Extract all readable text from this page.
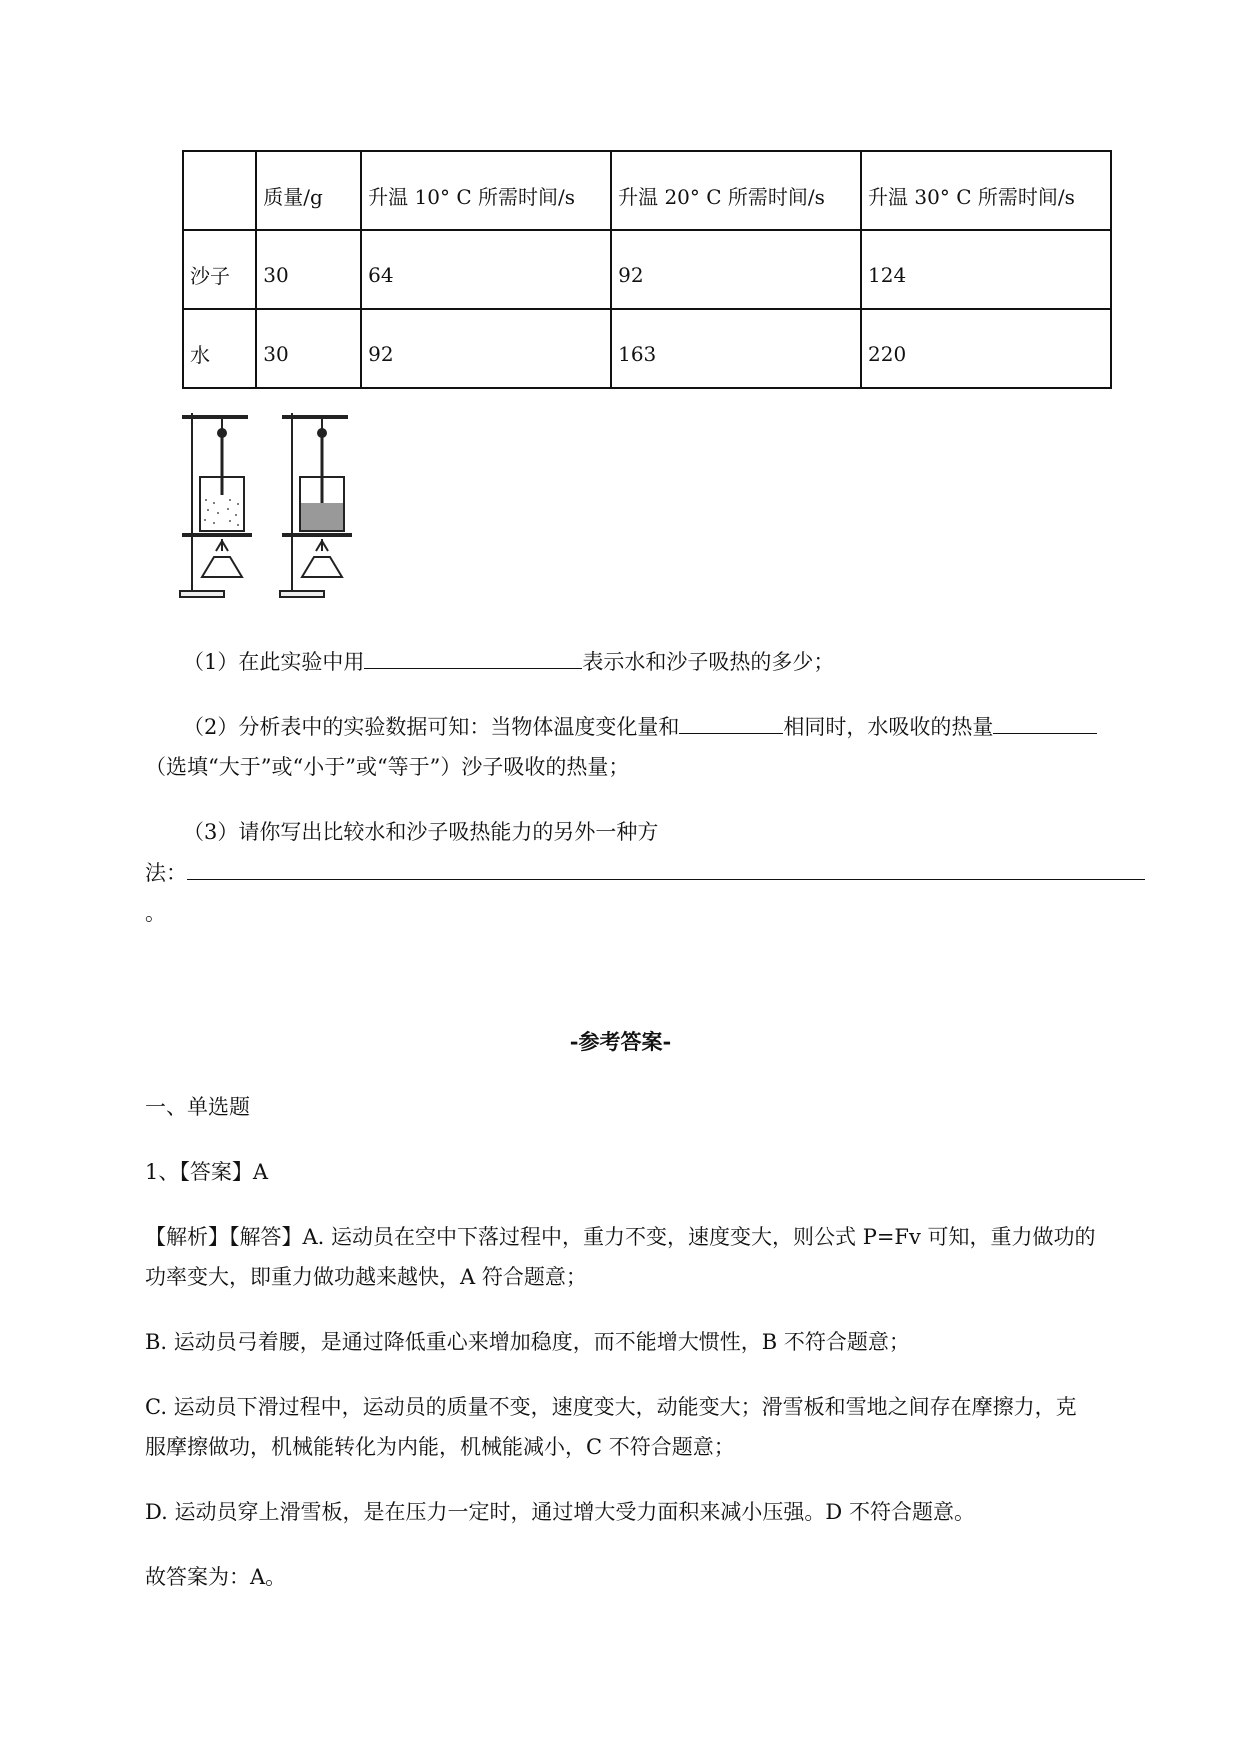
	质量/g	升温 10° C 所需时间/s	升温 20° C 所需时间/s	升温 30° C 所需时间/s
沙子	30	64	92	124
水	30	92	163	220
（1）在此实验中用	表示水和沙子吸热的多少；
（2）分析表中的实验数据可知：当物体温度变化量和	相同时，水吸收的热量
（选填“大于”或“小于”或“等于”）沙子吸收的热量；
（3）请你写出比较水和沙子吸热能力的另外一种方
法：
。
-参考答案-
一、单选题
1、【答案】A
【解析】【解答】A. 运动员在空中下落过程中，重力不变，速度变大，则公式 P=Fv 可知，重力做功的
功率变大，即重力做功越来越快，A 符合题意；
B. 运动员弓着腰，是通过降低重心来增加稳度，而不能增大惯性，B 不符合题意；
C. 运动员下滑过程中，运动员的质量不变，速度变大，动能变大；滑雪板和雪地之间存在摩擦力，克
服摩擦做功，机械能转化为内能，机械能减小，C 不符合题意；
D. 运动员穿上滑雪板，是在压力一定时，通过增大受力面积来减小压强。D 不符合题意。
故答案为：A。
